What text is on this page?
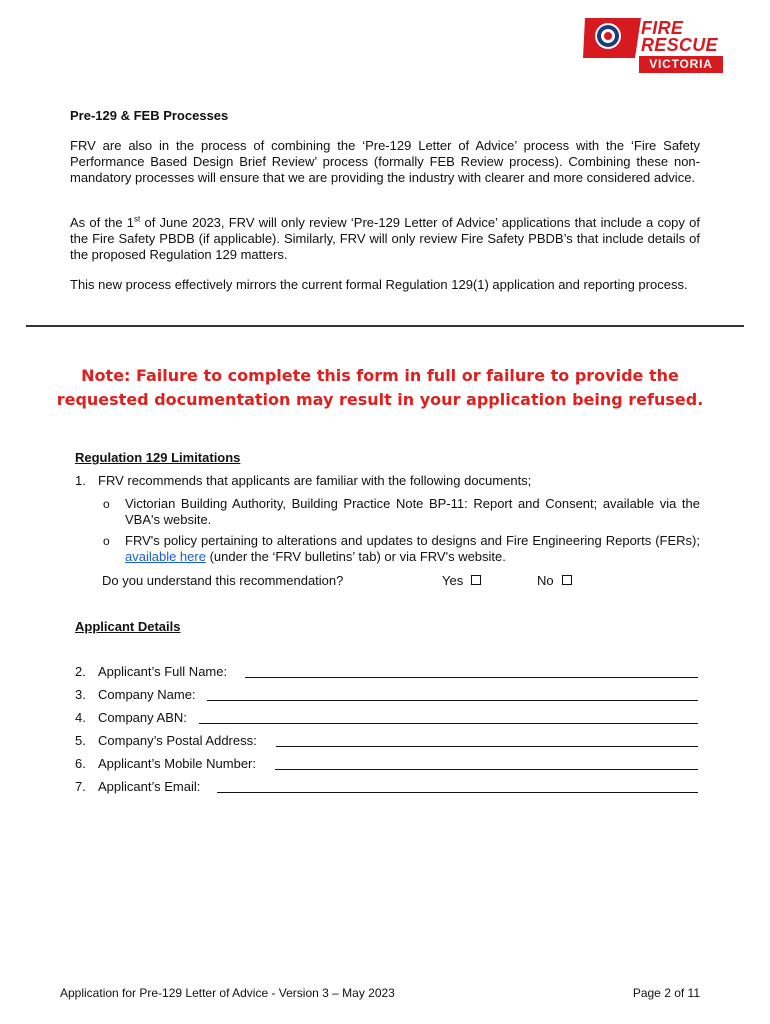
FIRE
RESCUE
VICTORIA
Pre-129 & FEB Processes
FRV are also in the process of combining the ‘Pre-129 Letter of Advice’ process with the ‘Fire Safety Performance Based Design Brief Review’ process (formally FEB Review process). Combining these non-mandatory processes will ensure that we are providing the industry with clearer and more considered advice.
As of the 1st of June 2023, FRV will only review ‘Pre-129 Letter of Advice’ applications that include a copy of the Fire Safety PBDB (if applicable). Similarly, FRV will only review Fire Safety PBDB’s that include details of the proposed Regulation 129 matters.
This new process effectively mirrors the current formal Regulation 129(1) application and reporting process.
Note: Failure to complete this form in full or failure to provide the
requested documentation may result in your application being refused.
Regulation 129 Limitations
1. FRV recommends that applicants are familiar with the following documents;
o Victorian Building Authority, Building Practice Note BP-11: Report and Consent; available via the VBA's website.
o FRV's policy pertaining to alterations and updates to designs and Fire Engineering Reports (FERs); available here (under the ‘FRV bulletins’ tab) or via FRV's website.
Do you understand this recommendation?	Yes	No
Applicant Details
2. Applicant’s Full Name:
3. Company Name:
4. Company ABN:
5. Company’s Postal Address:
6. Applicant’s Mobile Number:
7. Applicant’s Email:
Application for Pre-129 Letter of Advice - Version 3 – May 2023	Page 2 of 11
